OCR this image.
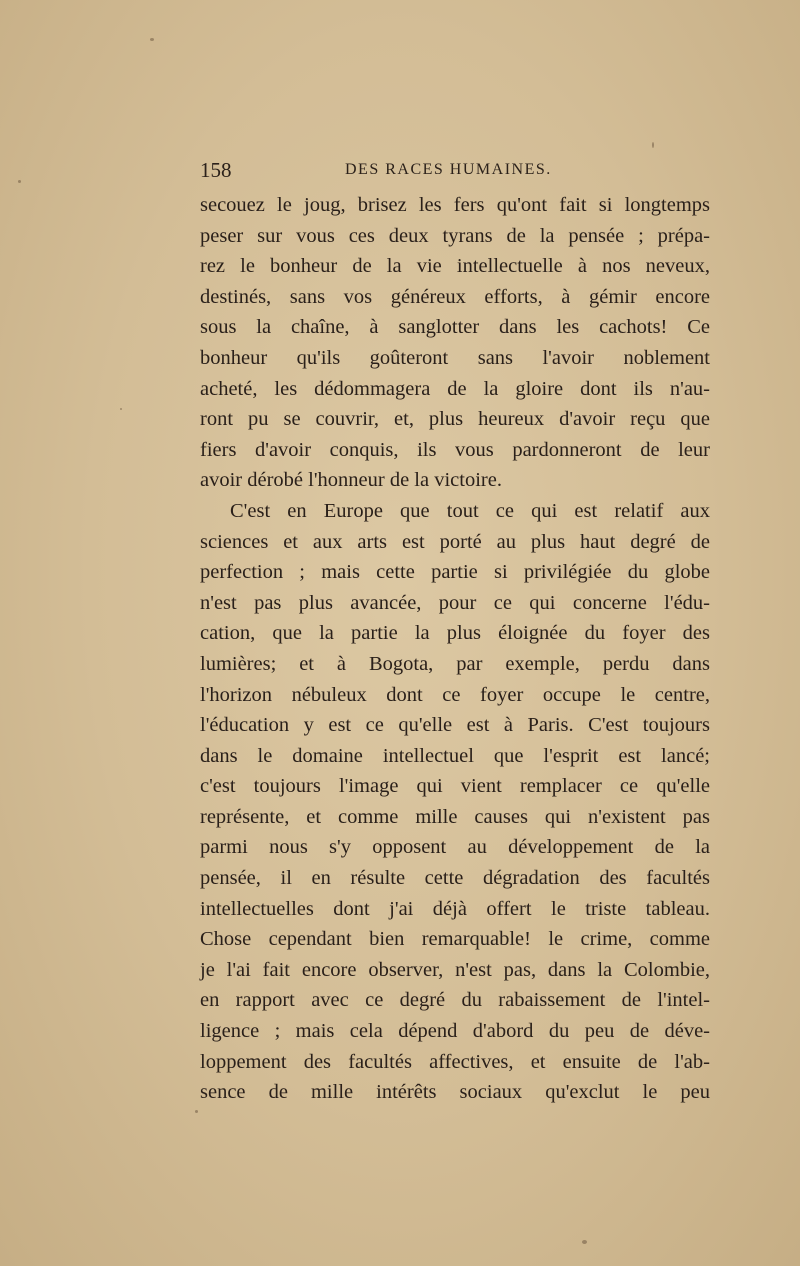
158	DES RACES HUMAINES.
secouez le joug, brisez les fers qu'ont fait si longtemps
peser sur vous ces deux tyrans de la pensée ; prépa-
rez le bonheur de la vie intellectuelle à nos neveux,
destinés, sans vos généreux efforts, à gémir encore
sous la chaîne, à sanglotter dans les cachots! Ce
bonheur qu'ils goûteront sans l'avoir noblement
acheté, les dédommagera de la gloire dont ils n'au-
ront pu se couvrir, et, plus heureux d'avoir reçu que
fiers d'avoir conquis, ils vous pardonneront de leur
avoir dérobé l'honneur de la victoire.
C'est en Europe que tout ce qui est relatif aux
sciences et aux arts est porté au plus haut degré de
perfection ; mais cette partie si privilégiée du globe
n'est pas plus avancée, pour ce qui concerne l'édu-
cation, que la partie la plus éloignée du foyer des
lumières; et à Bogota, par exemple, perdu dans
l'horizon nébuleux dont ce foyer occupe le centre,
l'éducation y est ce qu'elle est à Paris. C'est toujours
dans le domaine intellectuel que l'esprit est lancé;
c'est toujours l'image qui vient remplacer ce qu'elle
représente, et comme mille causes qui n'existent pas
parmi nous s'y opposent au développement de la
pensée, il en résulte cette dégradation des facultés
intellectuelles dont j'ai déjà offert le triste tableau.
Chose cependant bien remarquable! le crime, comme
je l'ai fait encore observer, n'est pas, dans la Colombie,
en rapport avec ce degré du rabaissement de l'intel-
ligence ; mais cela dépend d'abord du peu de déve-
loppement des facultés affectives, et ensuite de l'ab-
sence de mille intérêts sociaux qu'exclut le peu
